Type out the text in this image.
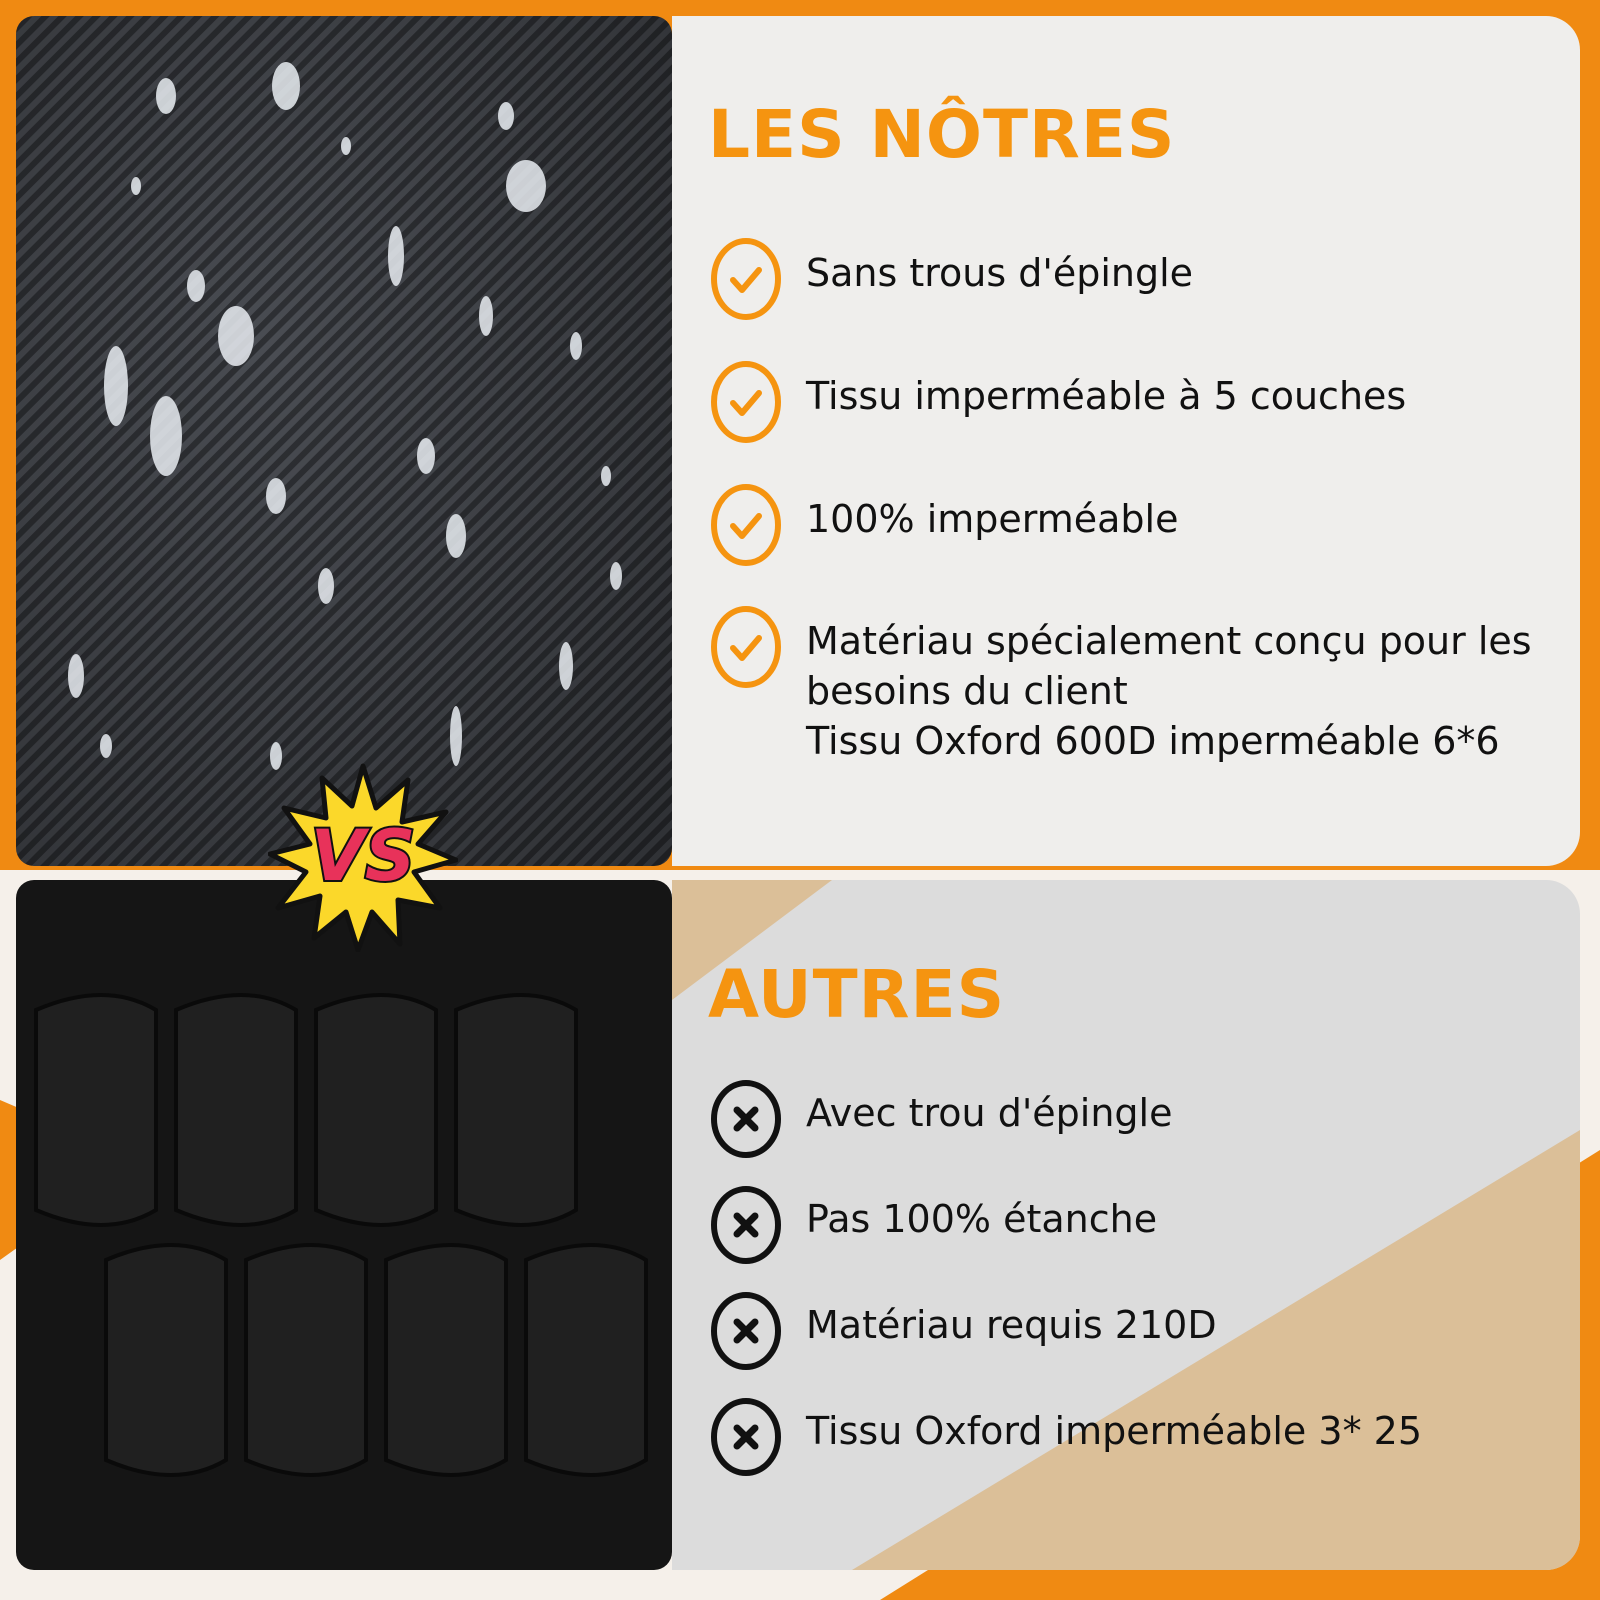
LES NÔTRES
Sans trous d'épingle
Tissu imperméable à 5 couches
100% imperméable
Matériau spécialement conçu pour les
besoins du client
Tissu Oxford 600D imperméable 6*6
AUTRES
Avec trou d'épingle
Pas 100% étanche
Matériau requis 210D
Tissu Oxford imperméable 3* 25
VS
